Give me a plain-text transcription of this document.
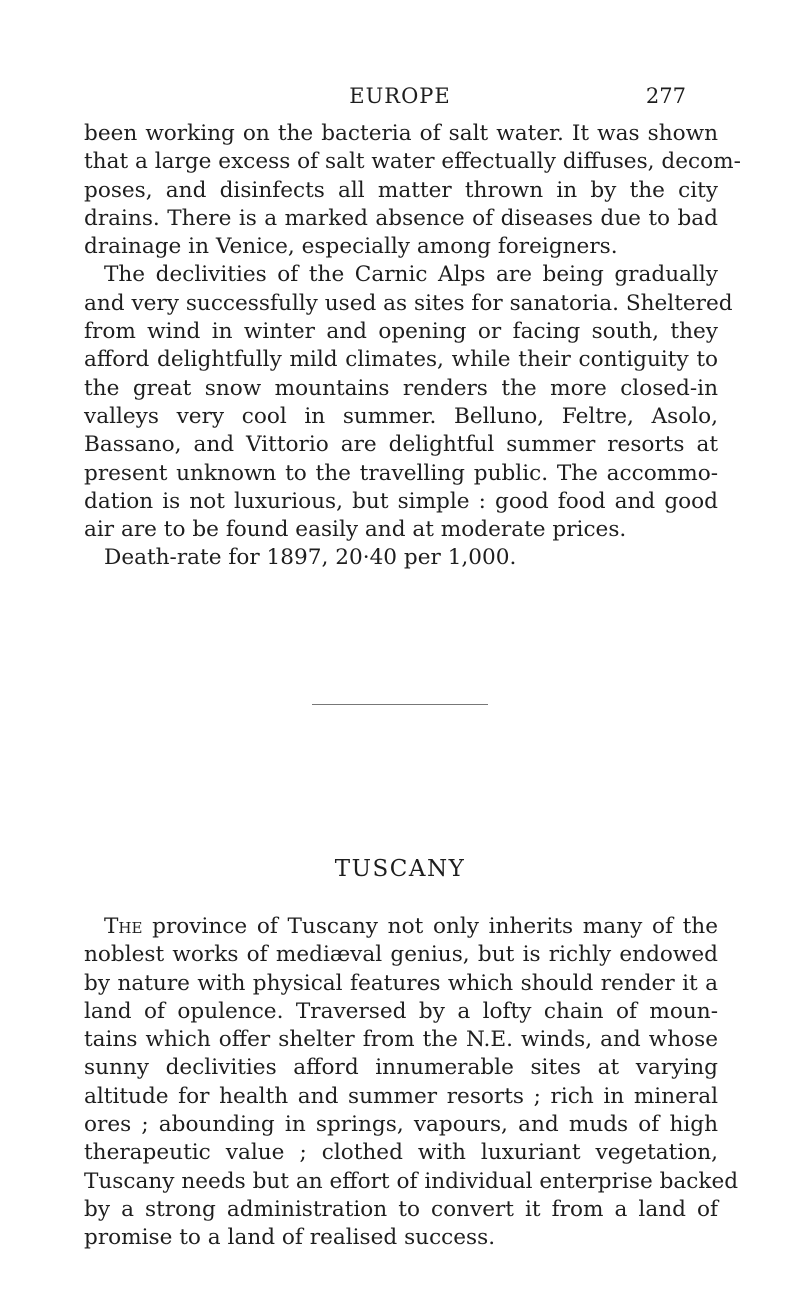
EUROPE	277
been working on the bacteria of salt water. It was shown
that a large excess of salt water effectually diffuses, decom-
poses, and disinfects all matter thrown in by the city
drains. There is a marked absence of diseases due to bad
drainage in Venice, especially among foreigners.
The declivities of the Carnic Alps are being gradually
and very successfully used as sites for sanatoria. Sheltered
from wind in winter and opening or facing south, they
afford delightfully mild climates, while their contiguity to
the great snow mountains renders the more closed-in
valleys very cool in summer. Belluno, Feltre, Asolo,
Bassano, and Vittorio are delightful summer resorts at
present unknown to the travelling public. The accommo-
dation is not luxurious, but simple : good food and good
air are to be found easily and at moderate prices.
Death-rate for 1897, 20·40 per 1,000.
TUSCANY
The province of Tuscany not only inherits many of the
noblest works of mediæval genius, but is richly endowed
by nature with physical features which should render it a
land of opulence. Traversed by a lofty chain of moun-
tains which offer shelter from the N.E. winds, and whose
sunny declivities afford innumerable sites at varying
altitude for health and summer resorts ; rich in mineral
ores ; abounding in springs, vapours, and muds of high
therapeutic value ; clothed with luxuriant vegetation,
Tuscany needs but an effort of individual enterprise backed
by a strong administration to convert it from a land of
promise to a land of realised success.
